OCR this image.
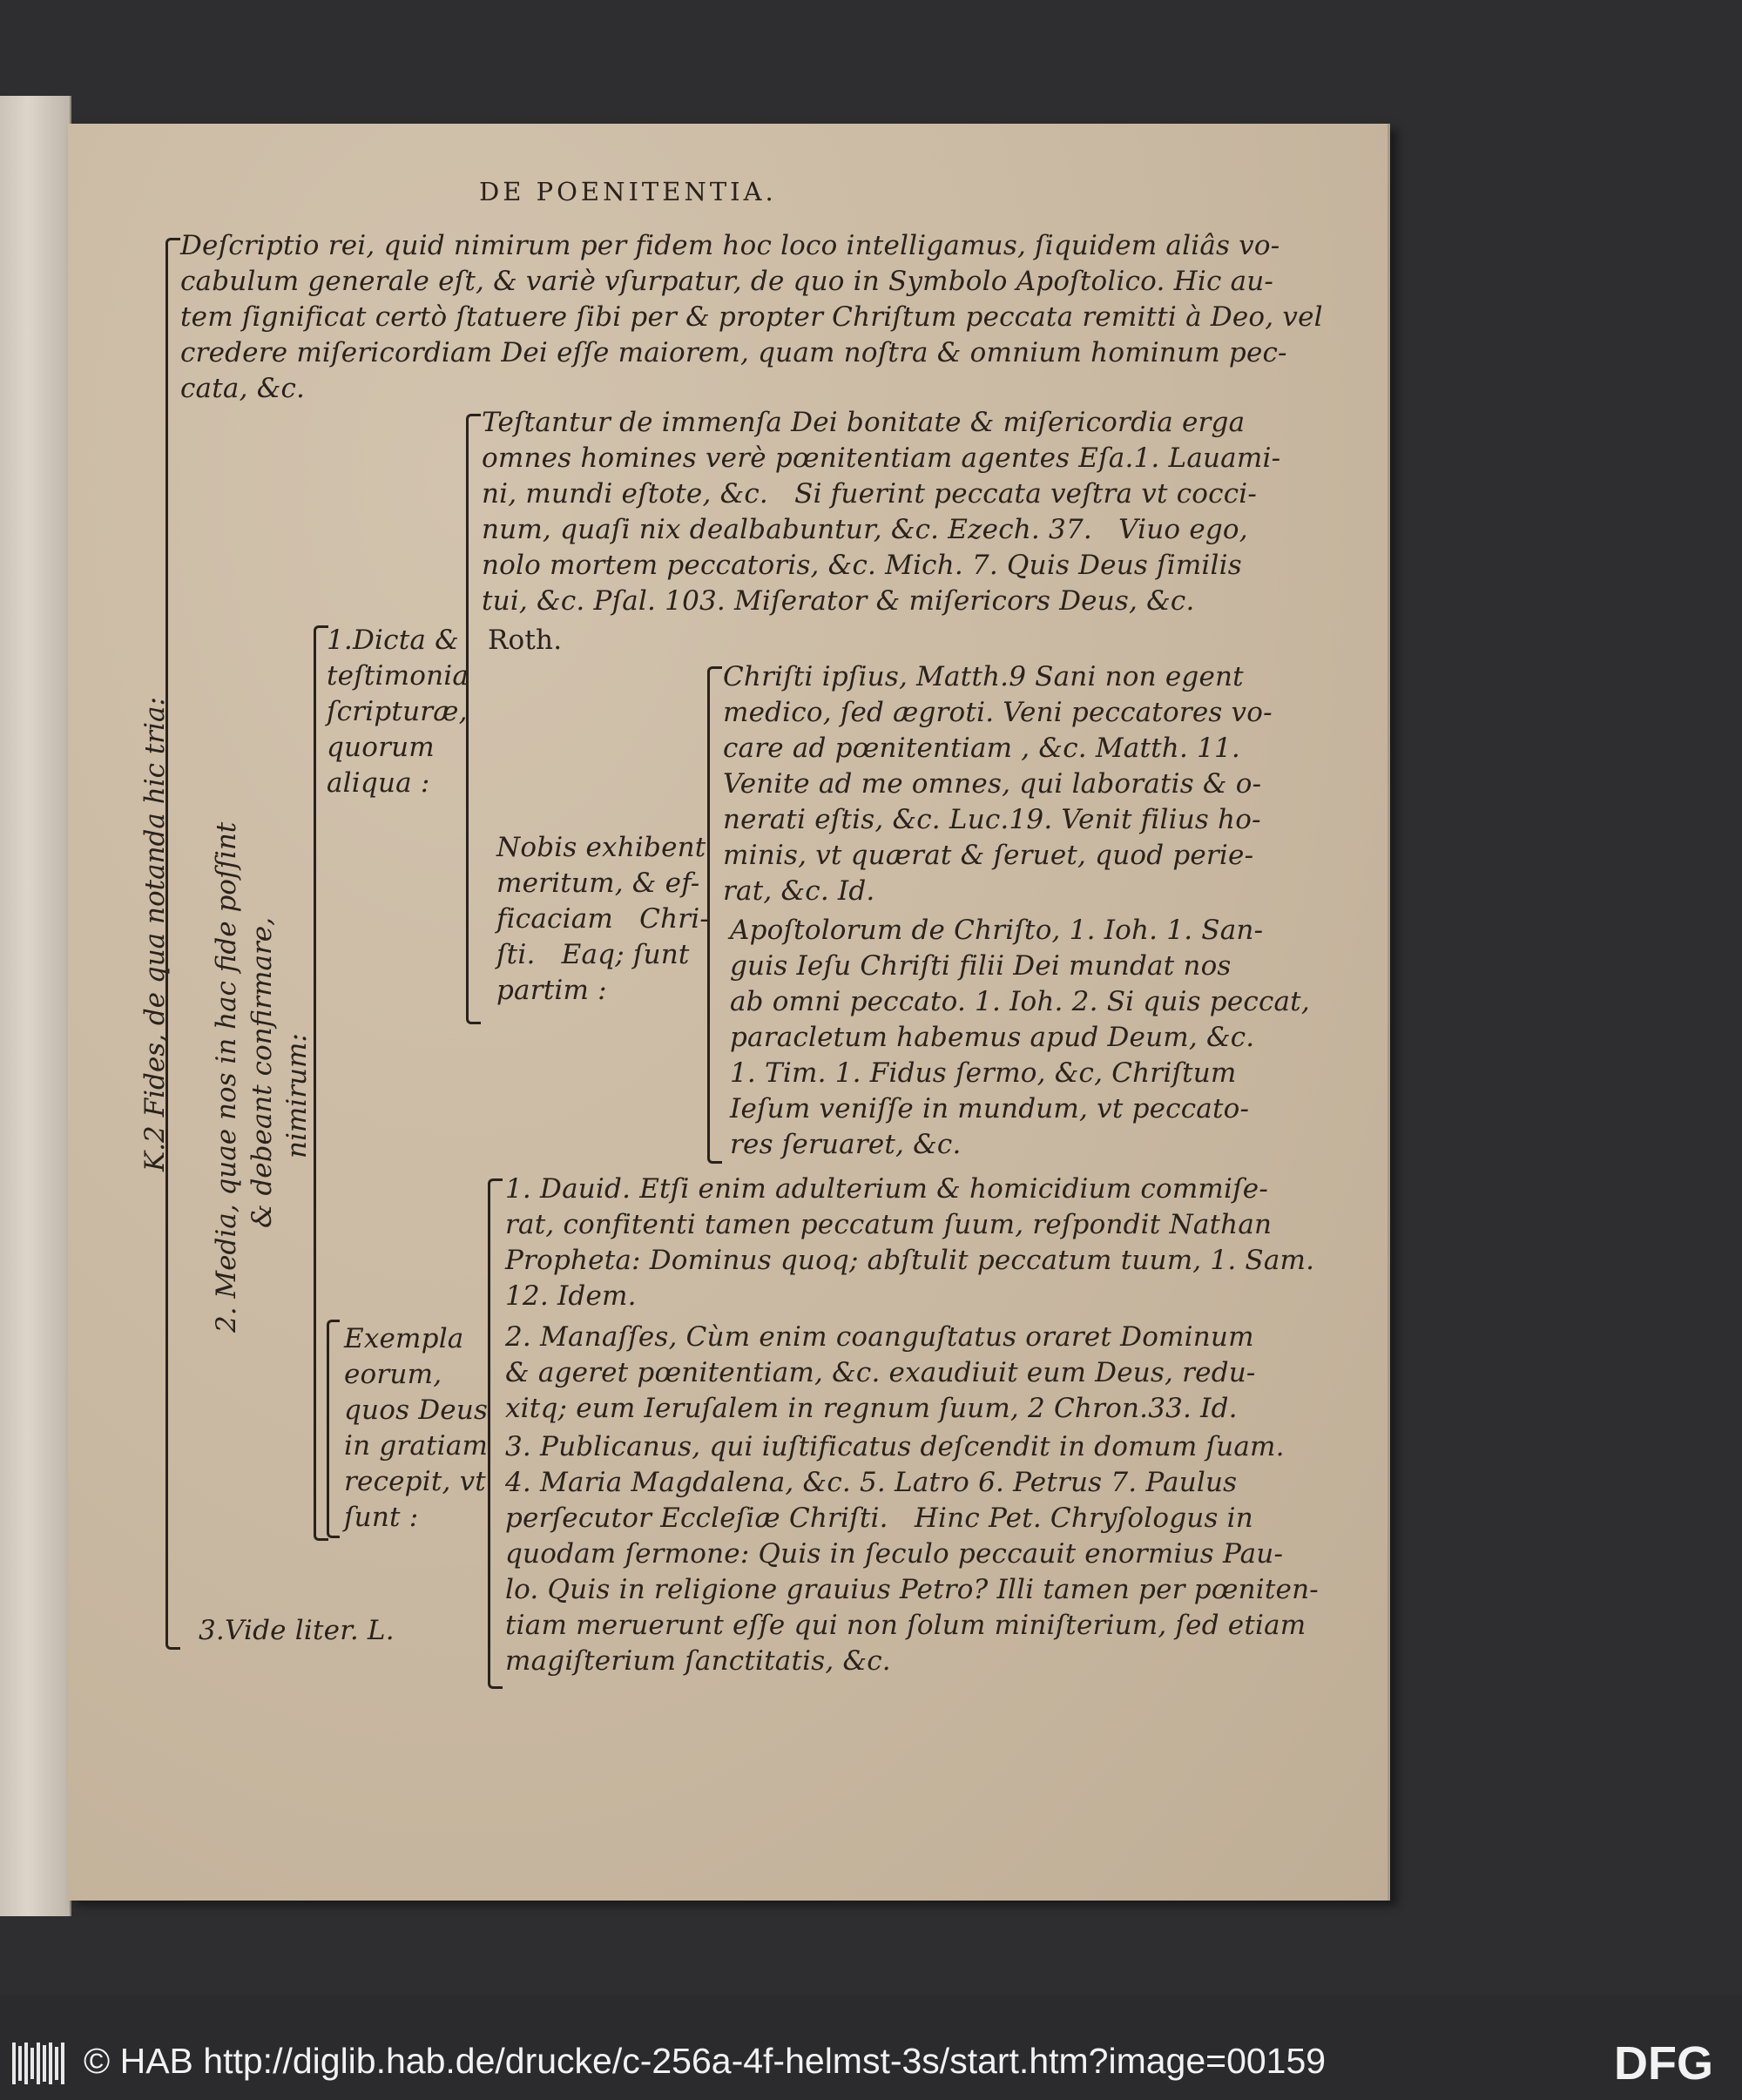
DE POENITENTIA.
Deſcriptio rei, quid nimirum per fidem hoc loco intelligamus, ſiquidem aliâs vo-
cabulum generale eſt, & variè vſurpatur, de quo in Symbolo Apoſtolico. Hic au-
tem ſignificat certò ſtatuere ſibi per & propter Chriſtum peccata remitti à Deo, vel
credere miſericordiam Dei eſſe maiorem, quam noſtra & omnium hominum pec-
cata, &c.
K.2 Fides, de qua notanda hic tria: 2. Media, quae nos in hac fide poſſint & debeant confirmare, nimirum:
1.Dicta &
teſtimonia
ſcripturæ,
quorum
aliqua :
Teſtantur de immenſa Dei bonitate & miſericordia erga
omnes homines verè pœnitentiam agentes Eſa.1. Lauami-
ni, mundi eſtote, &c.   Si fuerint peccata veſtra vt cocci-
num, quaſi nix dealbabuntur, &c. Ezech. 37.   Viuo ego,
nolo mortem peccatoris, &c. Mich. 7. Quis Deus ſimilis
tui, &c. Pſal. 103. Miſerator & miſericors Deus, &c.
Roth.
Nobis exhibent
meritum, & ef-
ficaciam   Chri-
ſti.   Eaq; ſunt
partim :
Chriſti ipſius, Matth.9 Sani non egent
medico, ſed ægroti. Veni peccatores vo-
care ad pœnitentiam , &c. Matth. 11.
Venite ad me omnes, qui laboratis & o-
nerati eſtis, &c. Luc.19. Venit filius ho-
minis, vt quærat & ſeruet, quod perie-
rat, &c. Id.
Apoſtolorum de Chriſto, 1. Ioh. 1. San-
guis Ieſu Chriſti filii Dei mundat nos
ab omni peccato. 1. Ioh. 2. Si quis peccat,
paracletum habemus apud Deum, &c.
1. Tim. 1. Fidus ſermo, &c, Chriſtum
Ieſum veniſſe in mundum, vt peccato-
res ſeruaret, &c.
Exempla
eorum,
quos Deus
in gratiam
recepit, vt
ſunt :
1. Dauid. Etſi enim adulterium & homicidium commiſe-
rat, confitenti tamen peccatum ſuum, reſpondit Nathan
Propheta: Dominus quoq; abſtulit peccatum tuum, 1. Sam.
12. Idem.
2. Manaſſes, Cùm enim coanguſtatus oraret Dominum
& ageret pœnitentiam, &c. exaudiuit eum Deus, redu-
xitq; eum Ieruſalem in regnum ſuum, 2 Chron.33. Id.
3. Publicanus, qui iuſtificatus deſcendit in domum ſuam.
4. Maria Magdalena, &c. 5. Latro 6. Petrus 7. Paulus
perſecutor Eccleſiæ Chriſti.   Hinc Pet. Chryſologus in
quodam ſermone: Quis in ſeculo peccauit enormius Pau-
lo. Quis in religione grauius Petro? Illi tamen per pœniten-
tiam meruerunt eſſe qui non ſolum miniſterium, ſed etiam
magiſterium ſanctitatis, &c.
3.Vide liter. L.
© HAB http://diglib.hab.de/drucke/c-256a-4f-helmst-3s/start.htm?image=00159	DFG
